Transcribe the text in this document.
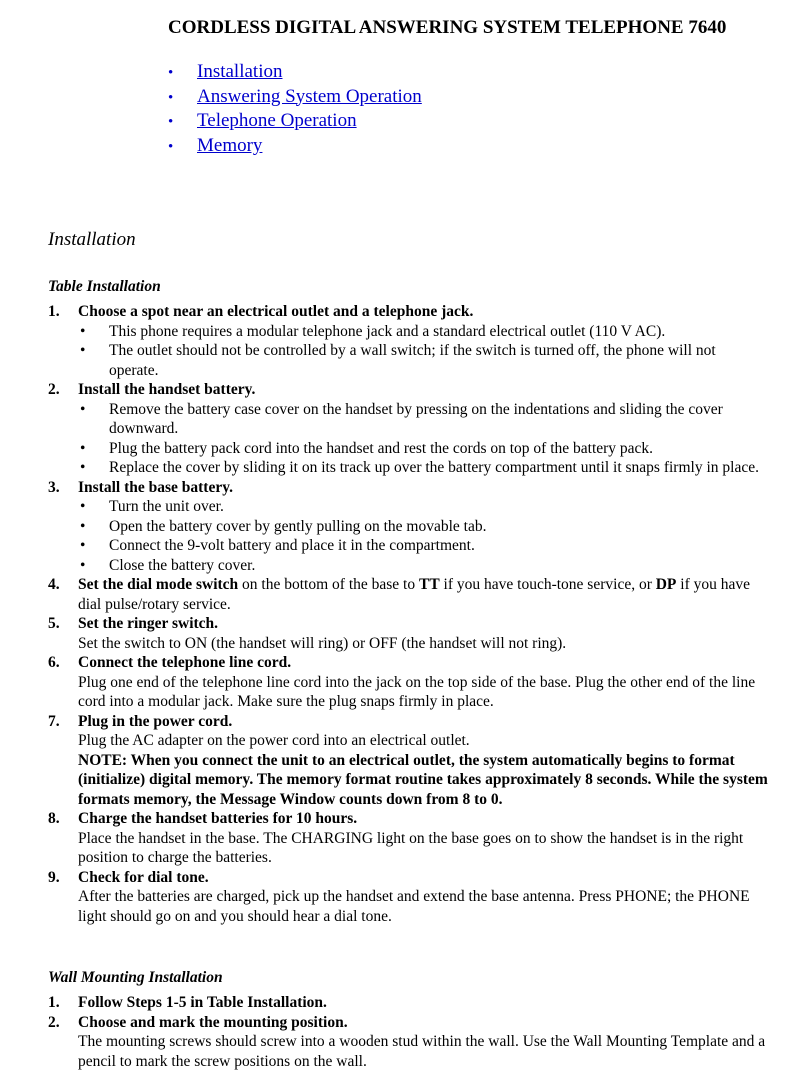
CORDLESS DIGITAL ANSWERING SYSTEM TELEPHONE 7640
• Installation
• Answering System Operation
• Telephone Operation
• Memory
Installation
Table Installation
1.	Choose a spot near an electrical outlet and a telephone jack.
•	This phone requires a modular telephone jack and a standard electrical outlet (110 V AC).
•	The outlet should not be controlled by a wall switch; if the switch is turned off, the phone will not operate.
2.	Install the handset battery.
•	Remove the battery case cover on the handset by pressing on the indentations and sliding the cover downward.
•	Plug the battery pack cord into the handset and rest the cords on top of the battery pack.
•	Replace the cover by sliding it on its track up over the battery compartment until it snaps firmly in place.
3.	Install the base battery.
•	Turn the unit over.
•	Open the battery cover by gently pulling on the movable tab.
•	Connect the 9-volt battery and place it in the compartment.
•	Close the battery cover.
4.	Set the dial mode switch on the bottom of the base to TT if you have touch-tone service, or DP if you have dial pulse/rotary service.
5.	Set the ringer switch.
Set the switch to ON (the handset will ring) or OFF (the handset will not ring).
6.	Connect the telephone line cord.
Plug one end of the telephone line cord into the jack on the top side of the base. Plug the other end of the line cord into a modular jack. Make sure the plug snaps firmly in place.
7.	Plug in the power cord.
Plug the AC adapter on the power cord into an electrical outlet.
NOTE: When you connect the unit to an electrical outlet, the system automatically begins to format (initialize) digital memory. The memory format routine takes approximately 8 seconds. While the system formats memory, the Message Window counts down from 8 to 0.
8.	Charge the handset batteries for 10 hours.
Place the handset in the base. The CHARGING light on the base goes on to show the handset is in the right position to charge the batteries.
9.	Check for dial tone.
After the batteries are charged, pick up the handset and extend the base antenna. Press PHONE; the PHONE light should go on and you should hear a dial tone.
Wall Mounting Installation
1.	Follow Steps 1-5 in Table Installation.
2.	Choose and mark the mounting position.
The mounting screws should screw into a wooden stud within the wall. Use the Wall Mounting Template and a pencil to mark the screw positions on the wall.
